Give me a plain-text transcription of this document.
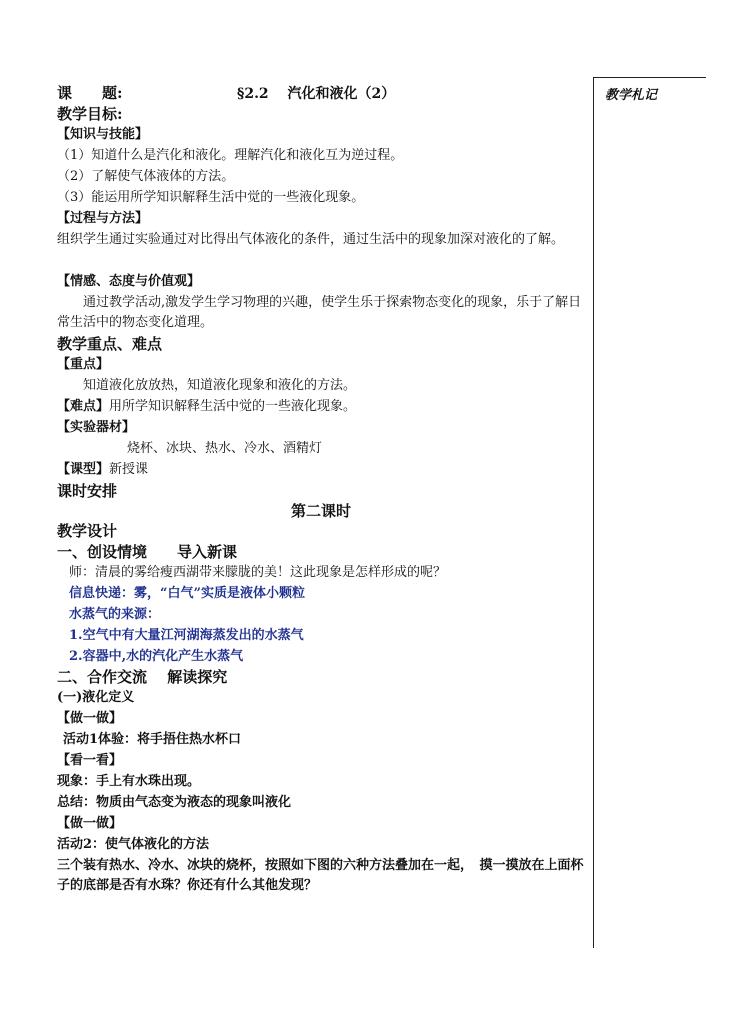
教学札记
课　　题:	§2.2　 汽化和液化（2）
教学目标:
【知识与技能】
（1）知道什么是汽化和液化。理解汽化和液化互为逆过程。
（2）了解使气体液体的方法。
（3）能运用所学知识解释生活中觉的一些液化现象。
【过程与方法】
组织学生通过实验通过对比得出气体液化的条件，通过生活中的现象加深对液化的了解。
【情感、态度与价值观】
通过教学活动,激发学生学习物理的兴趣，使学生乐于探索物态变化的现象，乐于了解日常生活中的物态变化道理。
教学重点、难点
【重点】
知道液化放放热，知道液化现象和液化的方法。
【难点】用所学知识解释生活中觉的一些液化现象。
【实验器材】
烧杯、冰块、热水、冷水、酒精灯
【课型】新授课
课时安排
第二课时
教学设计
一、创设情境　　导入新课
师：清晨的雾给瘦西湖带来朦胧的美！这此现象是怎样形成的呢？
信息快递：雾，“白气”实质是液体小颗粒
水蒸气的来源：
1.空气中有大量江河湖海蒸发出的水蒸气
2.容器中,水的汽化产生水蒸气
二、合作交流　 解读探究
(一)液化定义
【做一做】
活动1体验：将手捂住热水杯口
【看一看】
现象：手上有水珠出现。
总结：物质由气态变为液态的现象叫液化
【做一做】
活动2：使气体液化的方法
三个装有热水、冷水、冰块的烧杯，按照如下图的六种方法叠加在一起，　摸一摸放在上面杯子的底部是否有水珠？你还有什么其他发现？
